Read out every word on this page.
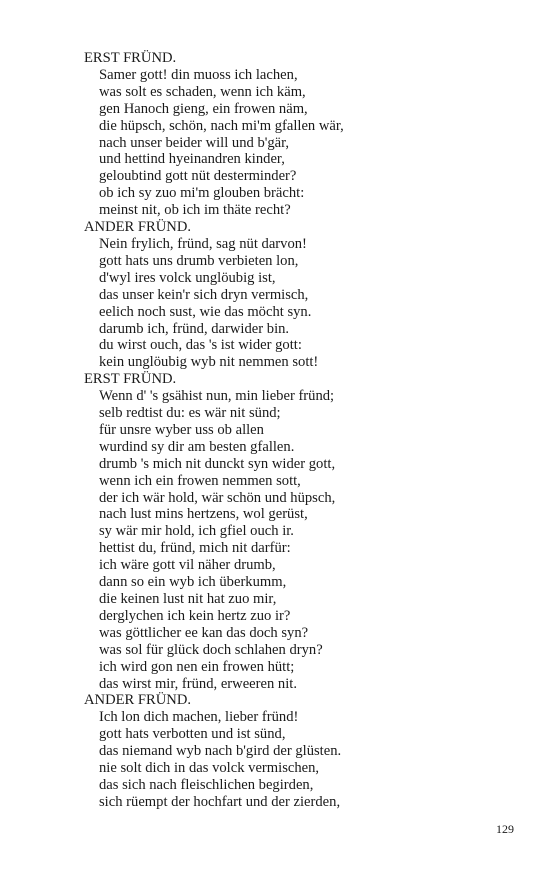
ERST FRÜND.

Samer gott! din muoss ich lachen,

was solt es schaden, wenn ich käm,

gen Hanoch gieng, ein frowen näm,

die hüpsch, schön, nach mi'm gfallen wär,

nach unser beider will und b'gär,

und hettind hyeinandren kinder,

geloubtind gott nüt desterminder?

ob ich sy zuo mi'm glouben brächt:

meinst nit, ob ich im thäte recht?

ANDER FRÜND.

Nein frylich, fründ, sag nüt darvon!

gott hats uns drumb verbieten lon,

d'wyl ires volck unglöubig ist,

das unser kein'r sich dryn vermisch,

eelich noch sust, wie das möcht syn.

darumb ich, fründ, darwider bin.

du wirst ouch, das 's ist wider gott:

kein unglöubig wyb nit nemmen sott!

ERST FRÜND.

Wenn d' 's gsähist nun, min lieber fründ;

selb redtist du: es wär nit sünd;

für unsre wyber uss ob allen

wurdind sy dir am besten gfallen.

drumb 's mich nit dunckt syn wider gott,

wenn ich ein frowen nemmen sott,

der ich wär hold, wär schön und hüpsch,

nach lust mins hertzens, wol gerüst,

sy wär mir hold, ich gfiel ouch ir.

hettist du, fründ, mich nit darfür:

ich wäre gott vil näher drumb,

dann so ein wyb ich überkumm,

die keinen lust nit hat zuo mir,

derglychen ich kein hertz zuo ir?

was göttlicher ee kan das doch syn?

was sol für glück doch schlahen dryn?

ich wird gon nen ein frowen hütt;

das wirst mir, fründ, erweeren nit.

ANDER FRÜND.

Ich lon dich machen, lieber fründ!

gott hats verbotten und ist sünd,

das niemand wyb nach b'gird der glüsten.

nie solt dich in das volck vermischen,

das sich nach fleischlichen begirden,

sich rüempt der hochfart und der zierden,

129
